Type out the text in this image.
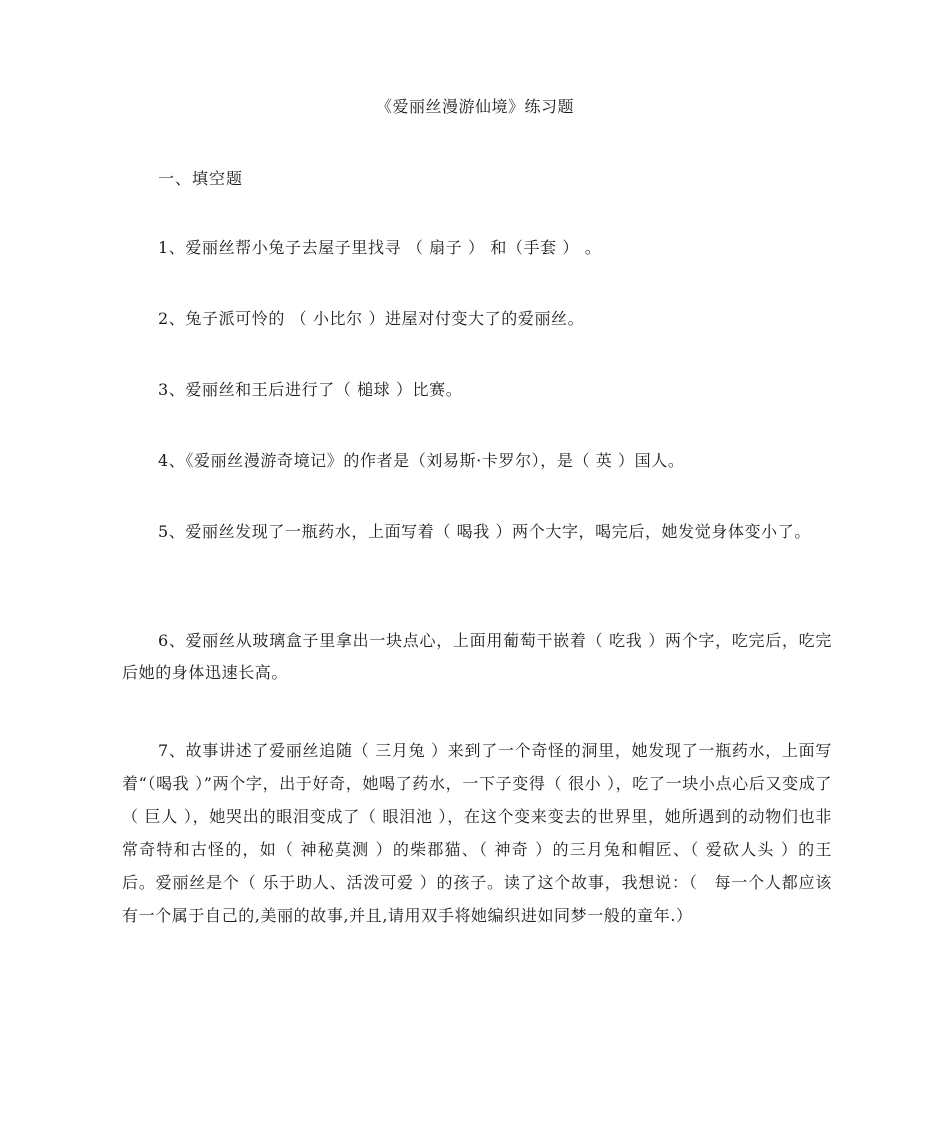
《爱丽丝漫游仙境》练习题
一、填空题
1、爱丽丝帮小兔子去屋子里找寻 （ 扇子 ） 和（手套 ） 。
2、兔子派可怜的 （ 小比尔 ）进屋对付变大了的爱丽丝。
3、爱丽丝和王后进行了（ 槌球 ）比赛。
4、《爱丽丝漫游奇境记》的作者是（刘易斯·卡罗尔），是（ 英 ）国人。
5、爱丽丝发现了一瓶药水，上面写着（ 喝我 ）两个大字，喝完后，她发觉身体变小了。
6、爱丽丝从玻璃盒子里拿出一块点心，上面用葡萄干嵌着（ 吃我 ）两个字，吃完后，吃完后她的身体迅速长高。
7、故事讲述了爱丽丝追随（ 三月兔 ）来到了一个奇怪的洞里，她发现了一瓶药水，上面写着“（喝我 ）”两个字，出于好奇，她喝了药水，一下子变得（ 很小 ），吃了一块小点心后又变成了（ 巨人 ），她哭出的眼泪变成了（ 眼泪池 ），在这个变来变去的世界里，她所遇到的动物们也非常奇特和古怪的，如（ 神秘莫测 ）的柴郡猫、（ 神奇 ）的三月兔和帽匠、（ 爱砍人头 ）的王后。爱丽丝是个（ 乐于助人、活泼可爱 ）的孩子。读了这个故事，我想说：（　每一个人都应该有一个属于自己的,美丽的故事,并且,请用双手将她编织进如同梦一般的童年.）
